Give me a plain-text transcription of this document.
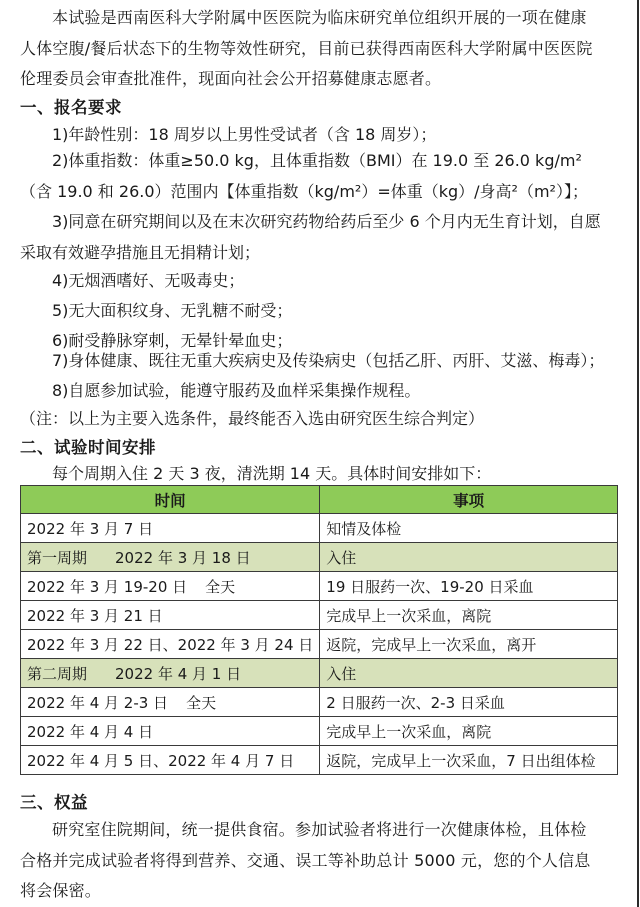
本试验是西南医科大学附属中医医院为临床研究单位组织开展的一项在健康人体空腹/餐后状态下的生物等效性研究，目前已获得西南医科大学附属中医医院伦理委员会审查批准件，现面向社会公开招募健康志愿者。

一、报名要求

1)年龄性别：18 周岁以上男性受试者（含 18 周岁）；

2)体重指数：体重≥50.0 kg，且体重指数（BMI）在 19.0 至 26.0 kg/m²（含 19.0 和 26.0）范围内【体重指数（kg/m²）=体重（kg）/身高²（m²）】；

3)同意在研究期间以及在末次研究药物给药后至少 6 个月内无生育计划，自愿采取有效避孕措施且无捐精计划；

4)无烟酒嗜好、无吸毒史；

5)无大面积纹身、无乳糖不耐受；

6)耐受静脉穿刺，无晕针晕血史；

7)身体健康、既往无重大疾病史及传染病史（包括乙肝、丙肝、艾滋、梅毒）；

8)自愿参加试验，能遵守服药及血样采集操作规程。

（注：以上为主要入选条件，最终能否入选由研究医生综合判定）

二、试验时间安排

每个周期入住 2 天 3 夜，清洗期 14 天。具体时间安排如下：

时间	事项
2022 年 3 月 7 日	知情及体检
第一周期 2022 年 3 月 18 日	入住
2022 年 3 月 19-20 日 全天	19 日服药一次、19-20 日采血
2022 年 3 月 21 日	完成早上一次采血，离院
2022 年 3 月 22 日、2022 年 3 月 24 日	返院，完成早上一次采血，离开
第二周期 2022 年 4 月 1 日	入住
2022 年 4 月 2-3 日 全天	2 日服药一次、2-3 日采血
2022 年 4 月 4 日	完成早上一次采血，离院
2022 年 4 月 5 日、2022 年 4 月 7 日	返院，完成早上一次采血，7 日出组体检
三、权益

研究室住院期间，统一提供食宿。参加试验者将进行一次健康体检，且体检合格并完成试验者将得到营养、交通、误工等补助总计 5000 元，您的个人信息将会保密。
